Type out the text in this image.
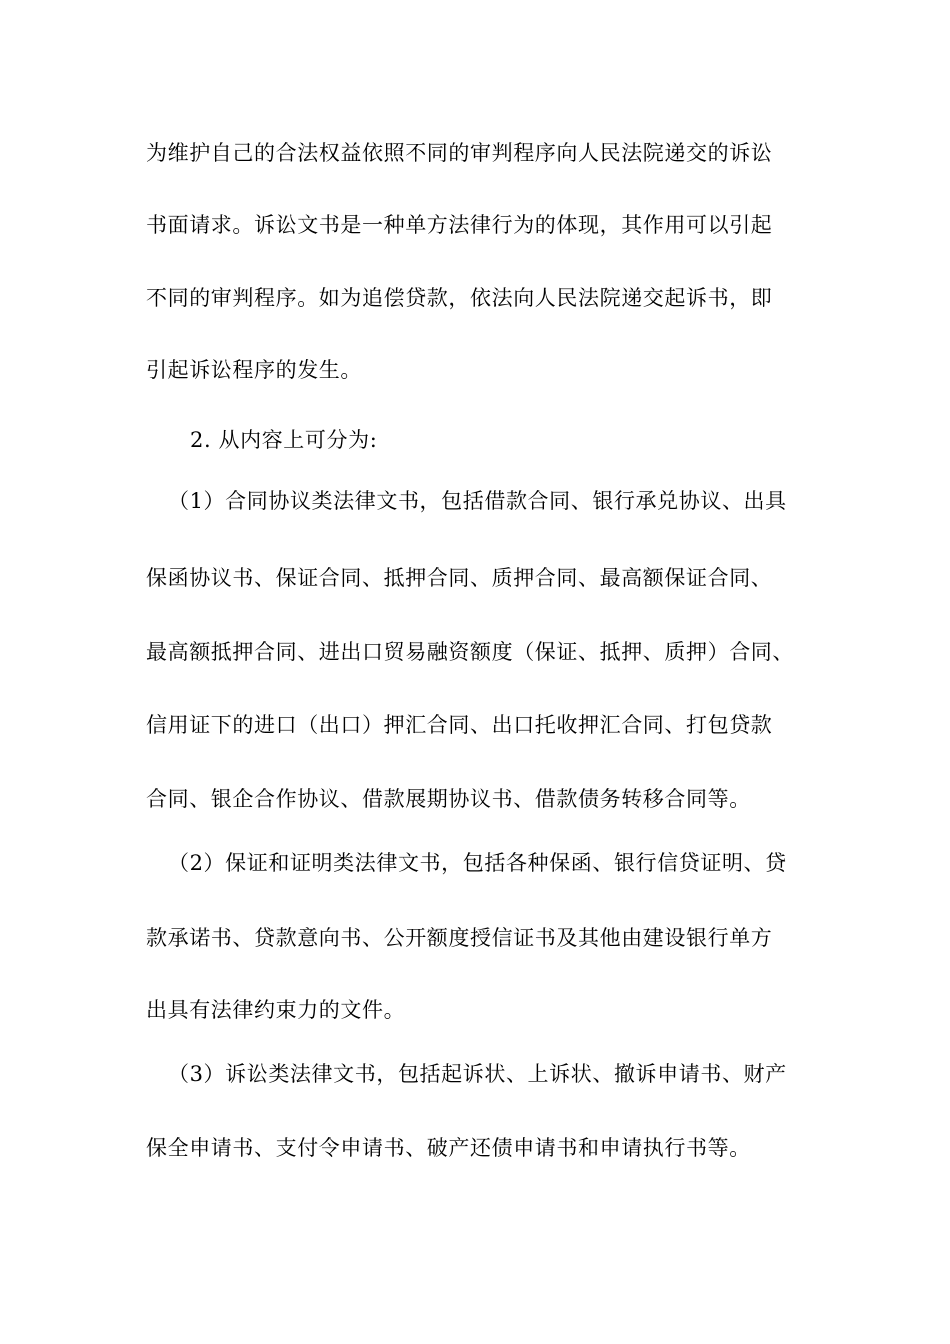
为维护自己的合法权益依照不同的审判程序向人民法院递交的诉讼
书面请求。诉讼文书是一种单方法律行为的体现，其作用可以引起
不同的审判程序。如为追偿贷款，依法向人民法院递交起诉书，即
引起诉讼程序的发生。
2. 从内容上可分为:
（1）合同协议类法律文书，包括借款合同、银行承兑协议、出具
保函协议书、保证合同、抵押合同、质押合同、最高额保证合同、
最高额抵押合同、进出口贸易融资额度（保证、抵押、质押）合同、
信用证下的进口（出口）押汇合同、出口托收押汇合同、打包贷款
合同、银企合作协议、借款展期协议书、借款债务转移合同等。
（2）保证和证明类法律文书，包括各种保函、银行信贷证明、贷
款承诺书、贷款意向书、公开额度授信证书及其他由建设银行单方
出具有法律约束力的文件。
（3）诉讼类法律文书，包括起诉状、上诉状、撤诉申请书、财产
保全申请书、支付令申请书、破产还债申请书和申请执行书等。
